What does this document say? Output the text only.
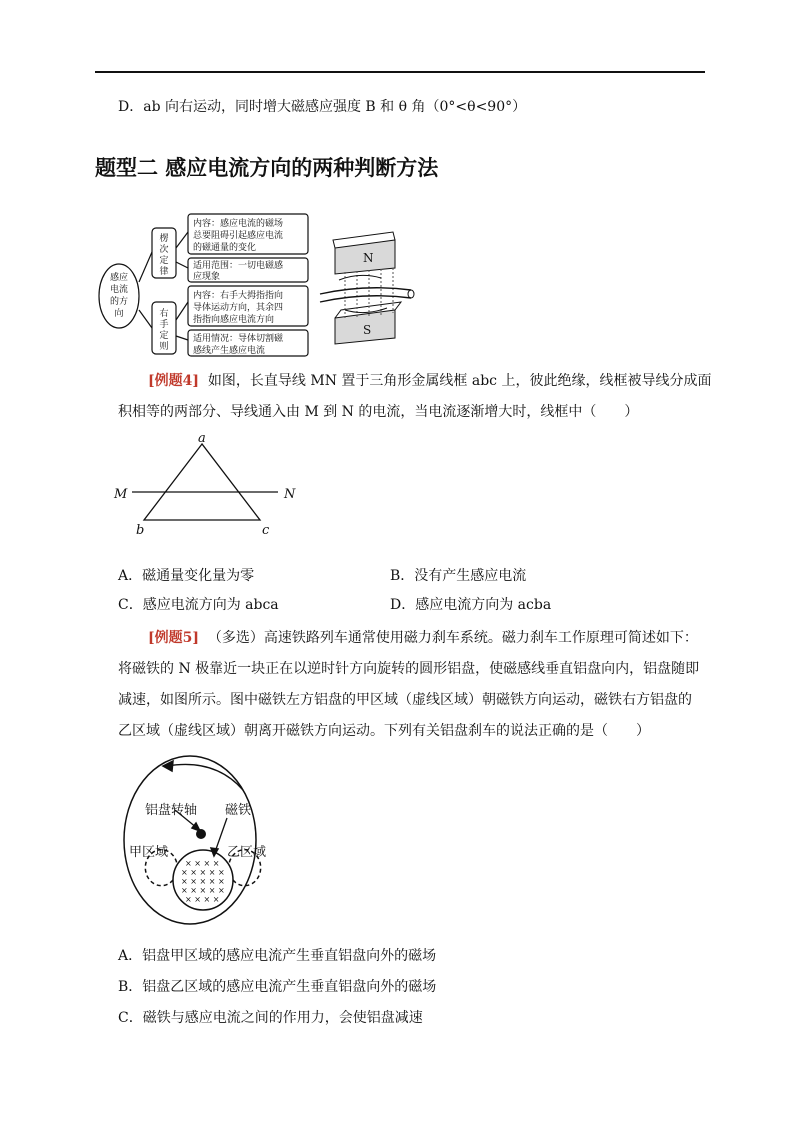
D．ab 向右运动，同时增大磁感应强度 B 和 θ 角（0°<θ<90°）
题型二 感应电流方向的两种判断方法
感应
电流
的方
向
楞
次
定
律
右
手
定
则
内容：感应电流的磁场
总要阻碍引起感应电流
的磁通量的变化
适用范围：一切电磁感
应现象
内容：右手大拇指指向
导体运动方向，其余四
指指向感应电流方向
适用情况：导体切割磁
感线产生感应电流
N
S
[例题4] 如图，长直导线 MN 置于三角形金属线框 abc 上，彼此绝缘，线框被导线分成面
积相等的两部分、导线通入由 M 到 N 的电流，当电流逐渐增大时，线框中（　　）
a
b	c
M	N
A．磁通量变化量为零	B．没有产生感应电流
C．感应电流方向为 abca	D．感应电流方向为 acba
[例题5] （多选）高速铁路列车通常使用磁力刹车系统。磁力刹车工作原理可简述如下：
将磁铁的 N 极靠近一块正在以逆时针方向旋转的圆形铝盘，使磁感线垂直铝盘向内，铝盘随即
减速，如图所示。图中磁铁左方铝盘的甲区域（虚线区域）朝磁铁方向运动，磁铁右方铝盘的
乙区域（虚线区域）朝离开磁铁方向运动。下列有关铝盘刹车的说法正确的是（　　）
× × × ×
× × × × ×
× × × × ×
× × × × ×
× × × ×
铝盘转轴 磁铁
甲区域	乙区域
A．铝盘甲区域的感应电流产生垂直铝盘向外的磁场
B．铝盘乙区域的感应电流产生垂直铝盘向外的磁场
C．磁铁与感应电流之间的作用力，会使铝盘减速
